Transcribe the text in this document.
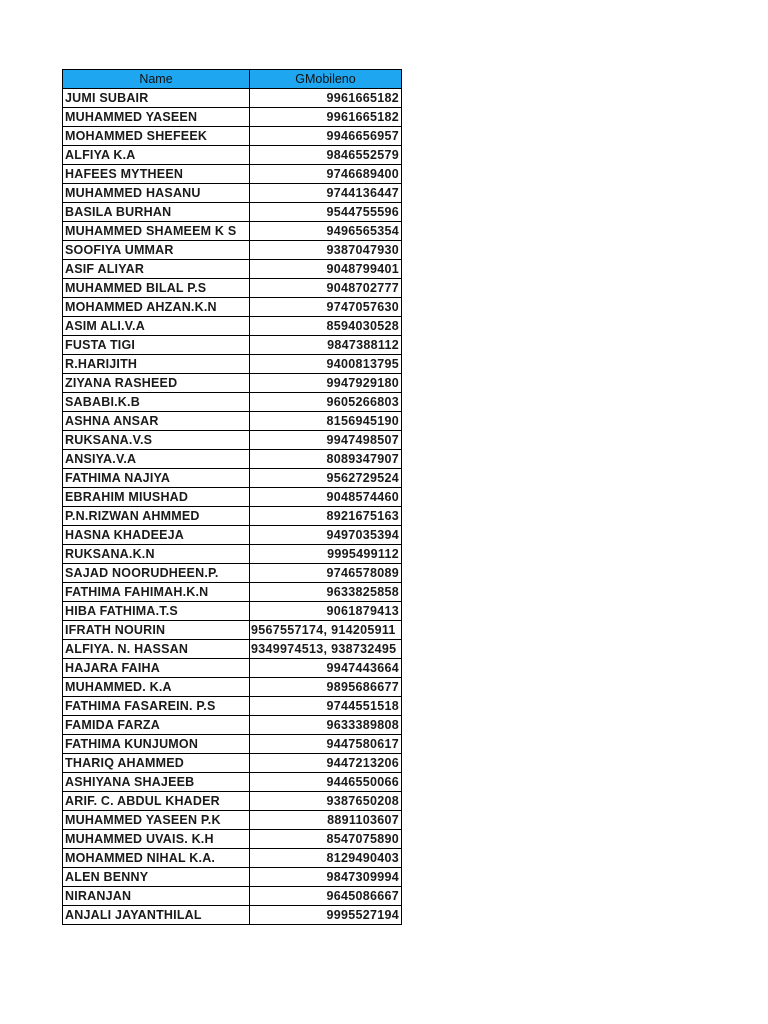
Name	GMobileno
JUMI SUBAIR	9961665182
MUHAMMED YASEEN	9961665182
MOHAMMED SHEFEEK	9946656957
ALFIYA K.A	9846552579
HAFEES MYTHEEN	9746689400
MUHAMMED HASANU	9744136447
BASILA BURHAN	9544755596
MUHAMMED SHAMEEM K S	9496565354
SOOFIYA UMMAR	9387047930
ASIF ALIYAR	9048799401
MUHAMMED BILAL P.S	9048702777
MOHAMMED AHZAN.K.N	9747057630
ASIM ALI.V.A	8594030528
FUSTA TIGI	9847388112
R.HARIJITH	9400813795
ZIYANA RASHEED	9947929180
SABABI.K.B	9605266803
ASHNA ANSAR	8156945190
RUKSANA.V.S	9947498507
ANSIYA.V.A	8089347907
FATHIMA NAJIYA	9562729524
EBRAHIM MIUSHAD	9048574460
P.N.RIZWAN AHMMED	8921675163
HASNA KHADEEJA	9497035394
RUKSANA.K.N	9995499112
SAJAD NOORUDHEEN.P.	9746578089
FATHIMA FAHIMAH.K.N	9633825858
HIBA FATHIMA.T.S	9061879413
IFRATH NOURIN	9567557174, 914205911
ALFIYA. N. HASSAN	9349974513, 938732495
HAJARA FAIHA	9947443664
MUHAMMED. K.A	9895686677
FATHIMA FASAREIN. P.S	9744551518
FAMIDA FARZA	9633389808
FATHIMA KUNJUMON	9447580617
THARIQ AHAMMED	9447213206
ASHIYANA SHAJEEB	9446550066
ARIF. C. ABDUL KHADER	9387650208
MUHAMMED YASEEN P.K	8891103607
MUHAMMED UVAIS. K.H	8547075890
MOHAMMED NIHAL K.A.	8129490403
ALEN BENNY	9847309994
NIRANJAN	9645086667
ANJALI JAYANTHILAL	9995527194
